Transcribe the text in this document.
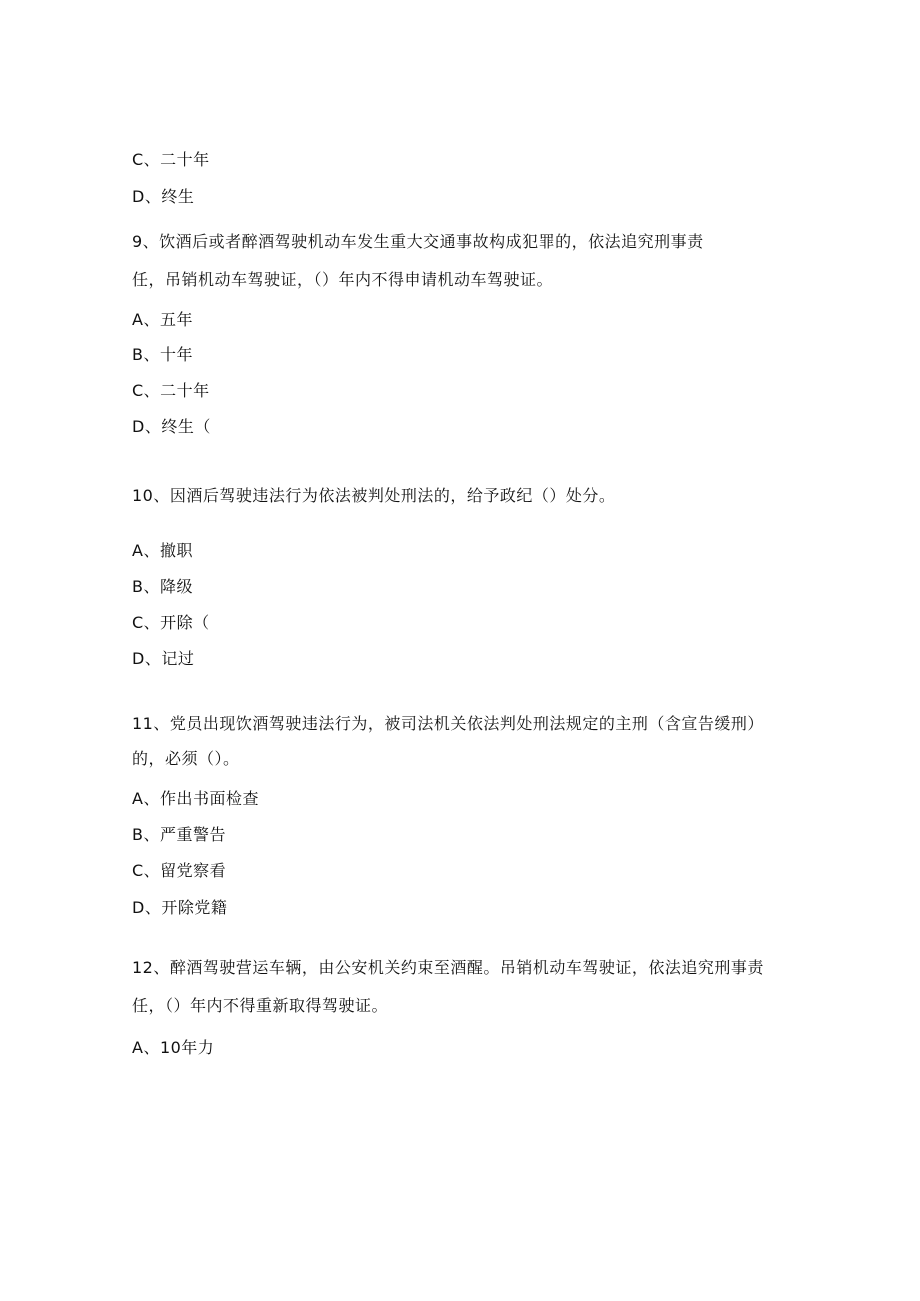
C、二十年
D、终生
9、饮酒后或者醉酒驾驶机动车发生重大交通事故构成犯罪的，依法追究刑事责
任，吊销机动车驾驶证，（）年内不得申请机动车驾驶证。
A、五年
B、十年
C、二十年
D、终生（
10、因酒后驾驶违法行为依法被判处刑法的，给予政纪（）处分。
A、撤职
B、降级
C、开除（
D、记过
11、党员出现饮酒驾驶违法行为，被司法机关依法判处刑法规定的主刑（含宣告缓刑）
的，必须（）。
A、作出书面检查
B、严重警告
C、留党察看
D、开除党籍
12、醉酒驾驶营运车辆，由公安机关约束至酒醒。吊销机动车驾驶证，依法追究刑事责
任，（）年内不得重新取得驾驶证。
A、10年力
